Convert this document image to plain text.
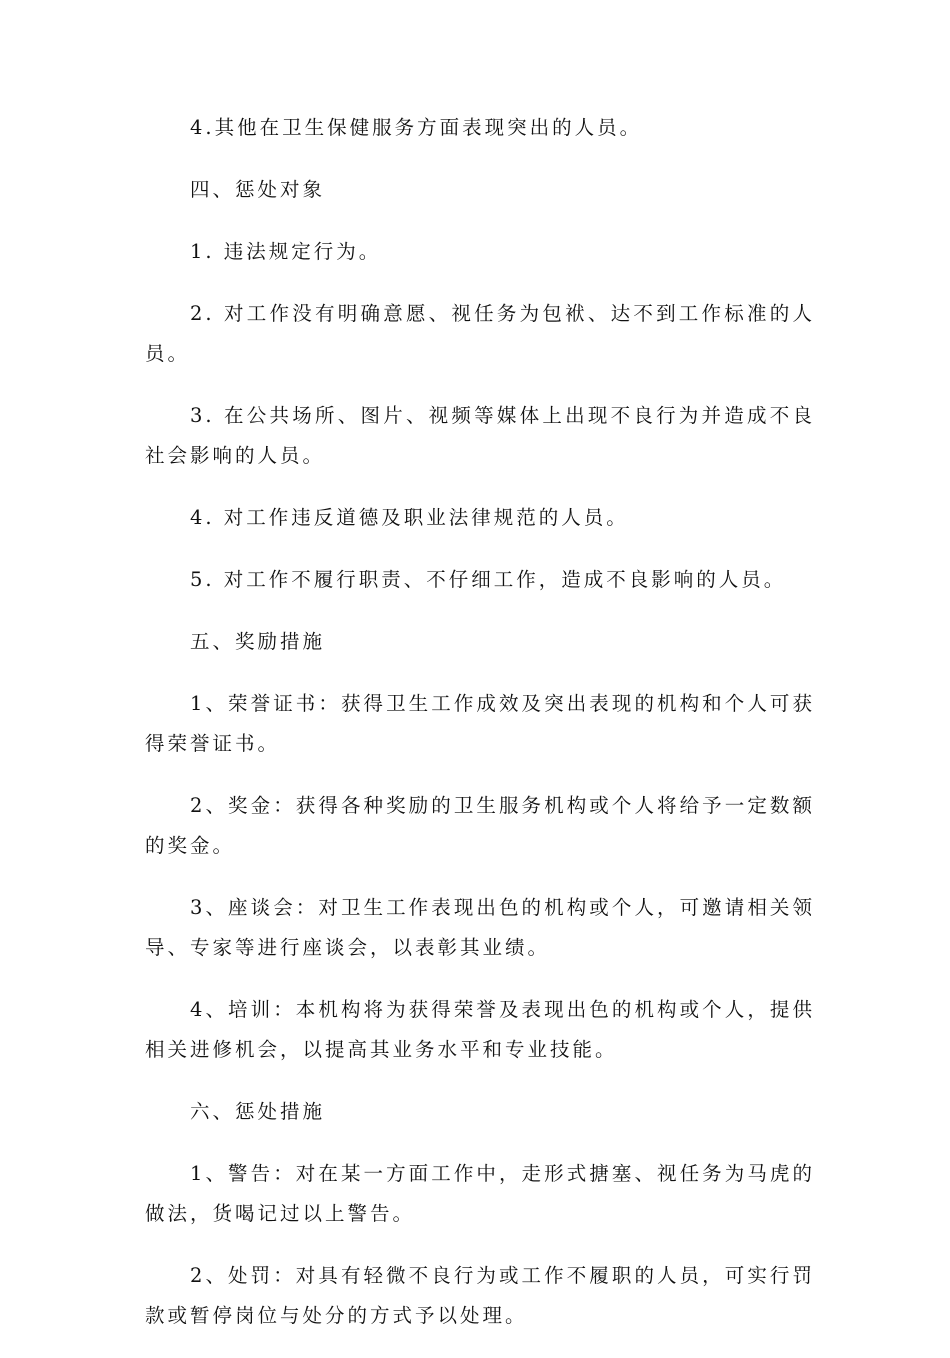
4.其他在卫生保健服务方面表现突出的人员。

四、惩处对象

1. 违法规定行为。

2. 对工作没有明确意愿、视任务为包袱、达不到工作标准的人员。

3. 在公共场所、图片、视频等媒体上出现不良行为并造成不良社会影响的人员。

4. 对工作违反道德及职业法律规范的人员。

5. 对工作不履行职责、不仔细工作，造成不良影响的人员。

五、奖励措施

1、荣誉证书：获得卫生工作成效及突出表现的机构和个人可获得荣誉证书。

2、奖金：获得各种奖励的卫生服务机构或个人将给予一定数额的奖金。

3、座谈会：对卫生工作表现出色的机构或个人，可邀请相关领导、专家等进行座谈会，以表彰其业绩。

4、培训：本机构将为获得荣誉及表现出色的机构或个人，提供相关进修机会，以提高其业务水平和专业技能。

六、惩处措施

1、警告：对在某一方面工作中，走形式搪塞、视任务为马虎的做法，货喝记过以上警告。

2、处罚：对具有轻微不良行为或工作不履职的人员，可实行罚款或暂停岗位与处分的方式予以处理。
